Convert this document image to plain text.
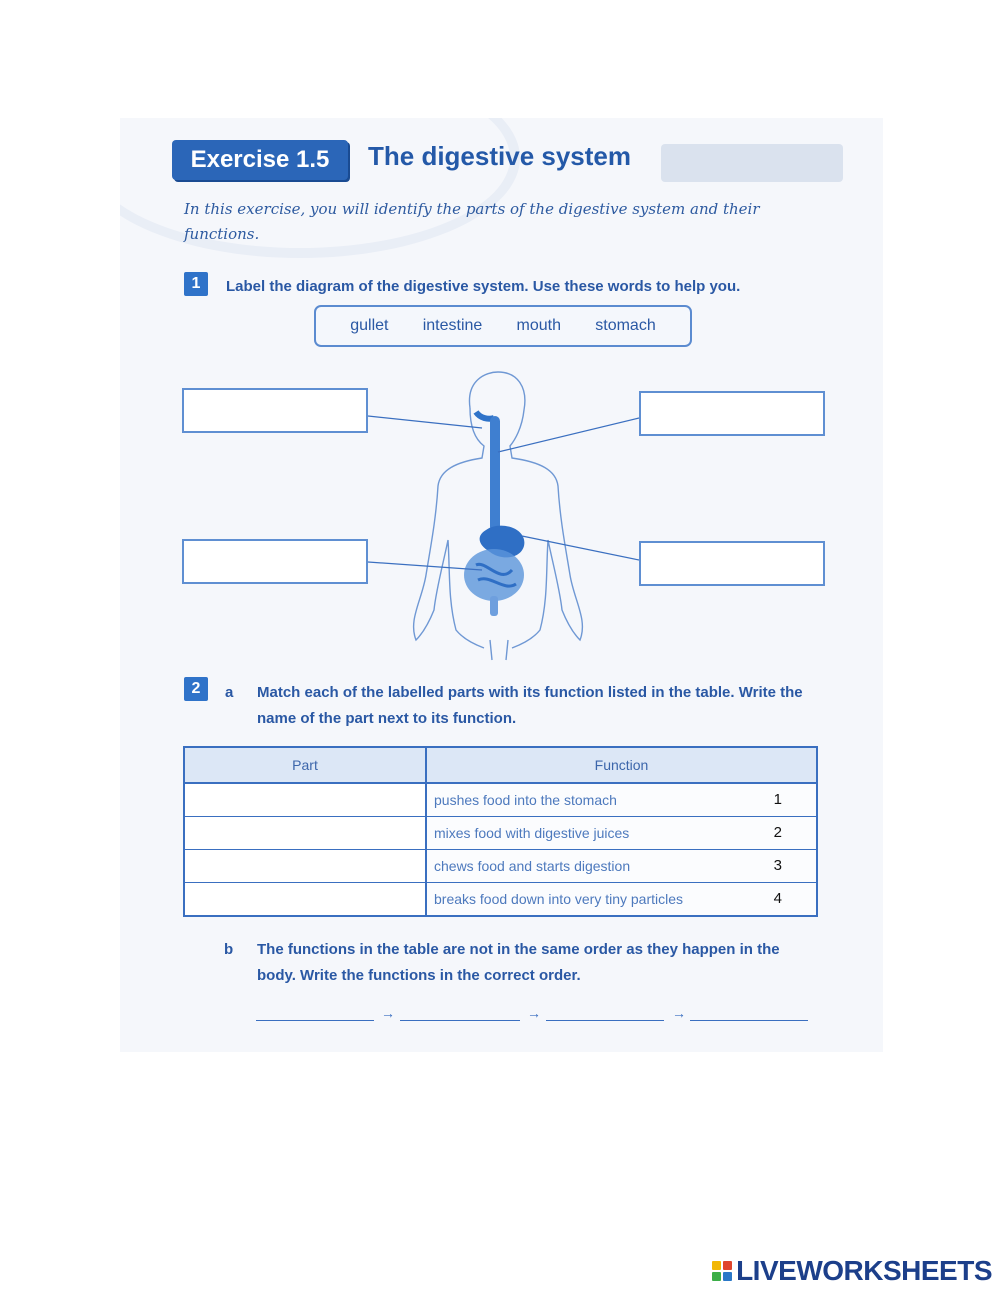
Exercise 1.5	The digestive system
In this exercise, you will identify the parts of the digestive system and their functions.
1	Label the diagram of the digestive system. Use these words to help you.
gullet intestine mouth stomach
2	a Match each of the labelled parts with its function listed in the table. Write the name of the part next to its function.
Part	Function
	pushes food into the stomach 1

	mixes food with digestive juices 2

	chews food and starts digestion 3

	breaks food down into very tiny particles 4
b The functions in the table are not in the same order as they happen in the body. Write the functions in the correct order.
→	→	→
LIVEWORKSHEETS
